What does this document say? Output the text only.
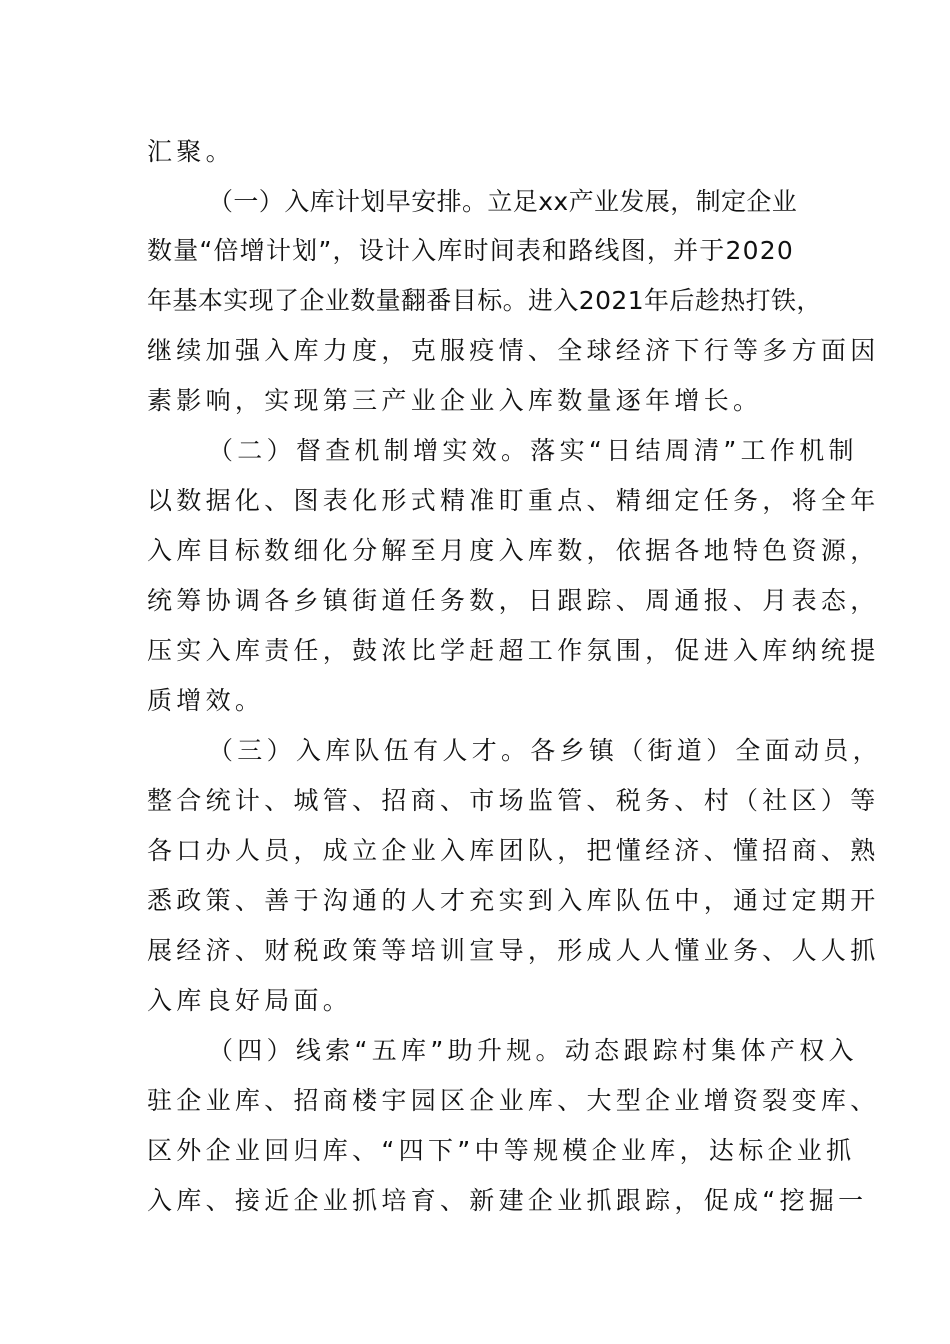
汇聚。
（一）入库计划早安排。立足xx产业发展，制定企业
数量“倍增计划”，设计入库时间表和路线图，并于2020
年基本实现了企业数量翻番目标。进入2021年后趁热打铁，
继续加强入库力度，克服疫情、全球经济下行等多方面因
素影响，实现第三产业企业入库数量逐年增长。
（二）督查机制增实效。落实“日结周清”工作机制
以数据化、图表化形式精准盯重点、精细定任务，将全年
入库目标数细化分解至月度入库数，依据各地特色资源，
统筹协调各乡镇街道任务数，日跟踪、周通报、月表态，
压实入库责任，鼓浓比学赶超工作氛围，促进入库纳统提
质增效。
（三）入库队伍有人才。各乡镇（街道）全面动员，
整合统计、城管、招商、市场监管、税务、村（社区）等
各口办人员，成立企业入库团队，把懂经济、懂招商、熟
悉政策、善于沟通的人才充实到入库队伍中，通过定期开
展经济、财税政策等培训宣导，形成人人懂业务、人人抓
入库良好局面。
（四）线索“五库”助升规。动态跟踪村集体产权入
驻企业库、招商楼宇园区企业库、大型企业增资裂变库、
区外企业回归库、“四下”中等规模企业库，达标企业抓
入库、接近企业抓培育、新建企业抓跟踪，促成“挖掘一
